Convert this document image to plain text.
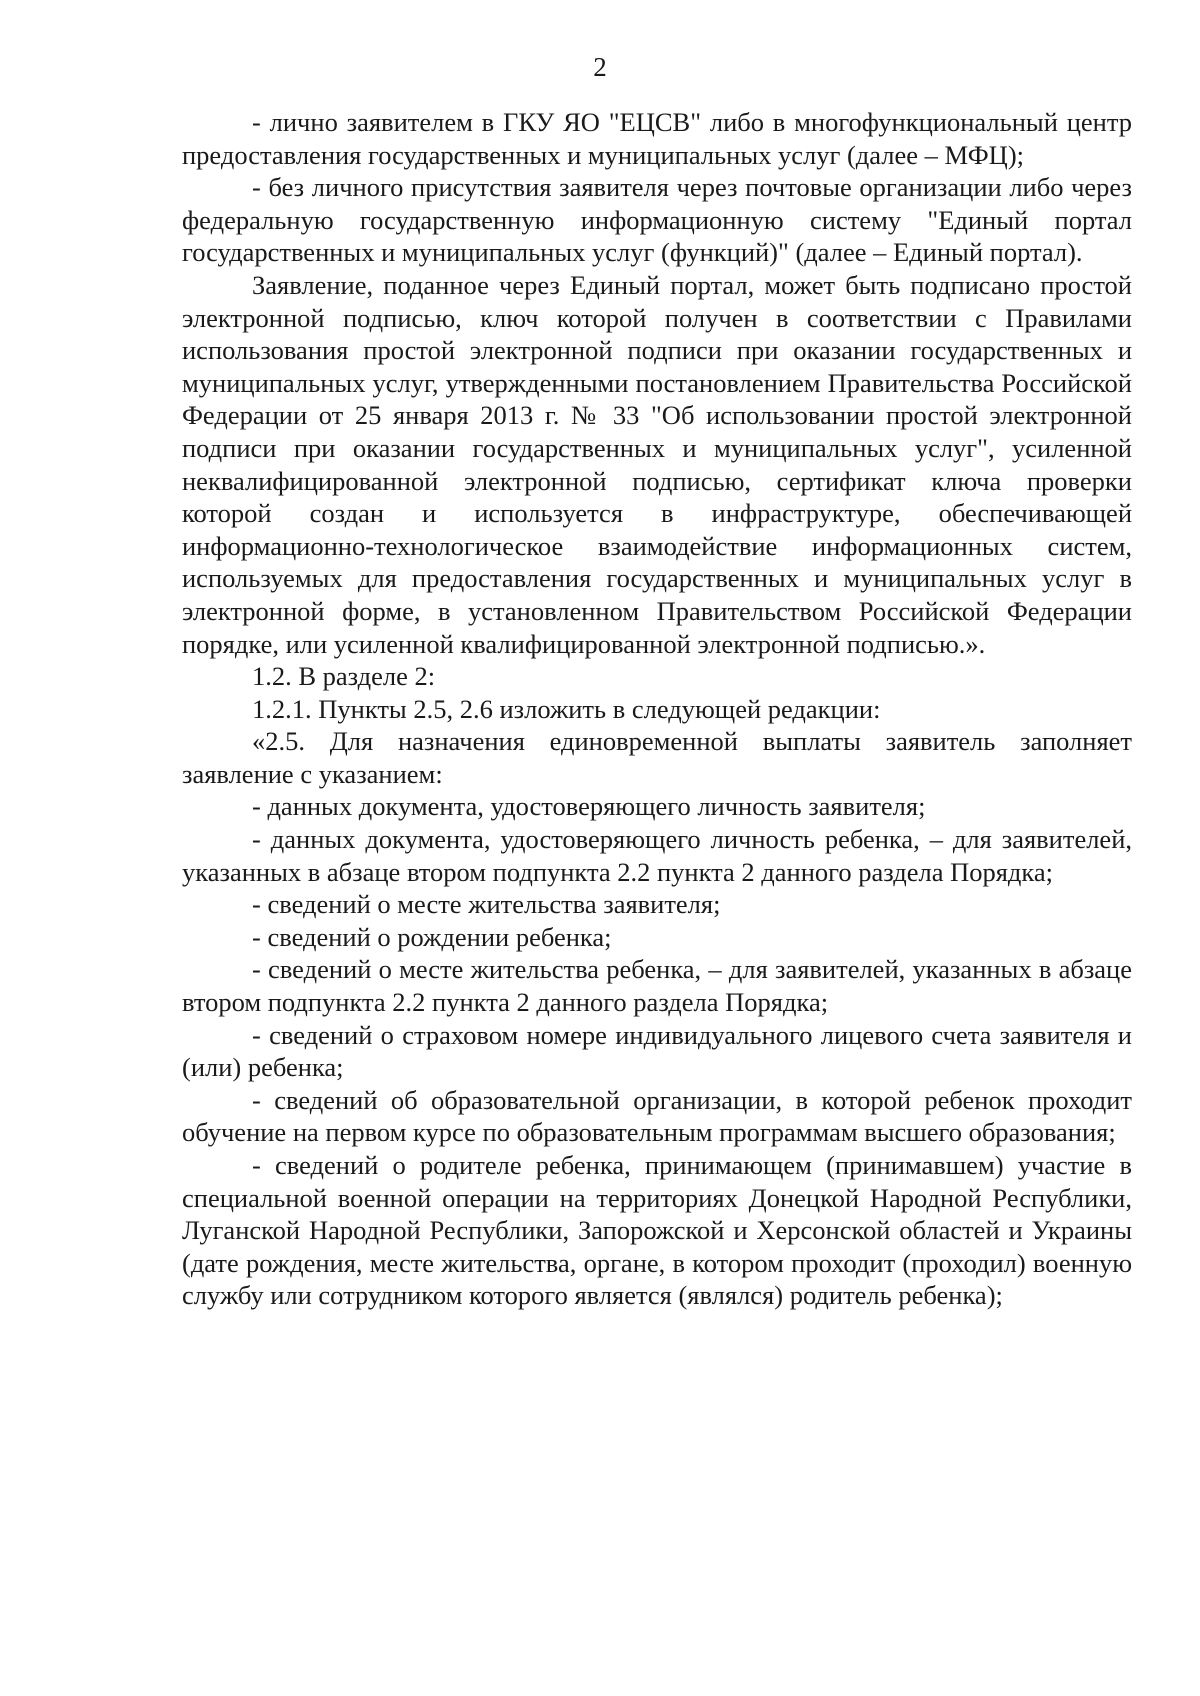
2

- лично заявителем в ГКУ ЯО "ЕЦСВ" либо в многофункциональный центр предоставления государственных и муниципальных услуг (далее – МФЦ);

- без личного присутствия заявителя через почтовые организации либо через федеральную государственную информационную систему "Единый портал государственных и муниципальных услуг (функций)" (далее – Единый портал).

Заявление, поданное через Единый портал, может быть подписано простой электронной подписью, ключ которой получен в соответствии с Правилами использования простой электронной подписи при оказании государственных и муниципальных услуг, утвержденными постановлением Правительства Российской Федерации от 25 января 2013 г. № 33 "Об использовании простой электронной подписи при оказании государственных и муниципальных услуг", усиленной неквалифицированной электронной подписью, сертификат ключа проверки которой создан и используется в инфраструктуре, обеспечивающей информационно-технологическое взаимодействие информационных систем, используемых для предоставления государственных и муниципальных услуг в электронной форме, в установленном Правительством Российской Федерации порядке, или усиленной квалифицированной электронной подписью.».

1.2. В разделе 2:

1.2.1. Пункты 2.5, 2.6 изложить в следующей редакции:

«2.5. Для назначения единовременной выплаты заявитель заполняет заявление с указанием:

- данных документа, удостоверяющего личность заявителя;

- данных документа, удостоверяющего личность ребенка, – для заявителей, указанных в абзаце втором подпункта 2.2 пункта 2 данного раздела Порядка;

- сведений о месте жительства заявителя;

- сведений о рождении ребенка;

- сведений о месте жительства ребенка, – для заявителей, указанных в абзаце втором подпункта 2.2 пункта 2 данного раздела Порядка;

- сведений о страховом номере индивидуального лицевого счета заявителя и (или) ребенка;

- сведений об образовательной организации, в которой ребенок проходит обучение на первом курсе по образовательным программам высшего образования;

- сведений о родителе ребенка, принимающем (принимавшем) участие в специальной военной операции на территориях Донецкой Народной Республики, Луганской Народной Республики, Запорожской и Херсонской областей и Украины (дате рождения, месте жительства, органе, в котором проходит (проходил) военную службу или сотрудником которого является (являлся) родитель ребенка);
